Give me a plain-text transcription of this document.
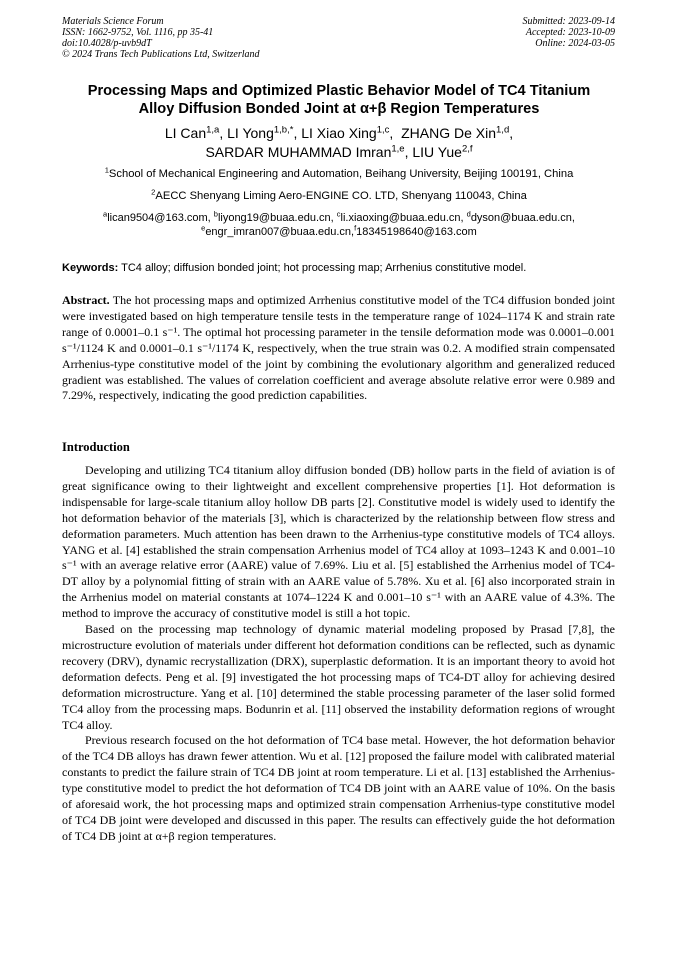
Materials Science Forum
ISSN: 1662-9752, Vol. 1116, pp 35-41
doi:10.4028/p-uvb9dT
© 2024 Trans Tech Publications Ltd, Switzerland
Submitted: 2023-09-14
Accepted: 2023-10-09
Online: 2024-03-05
Processing Maps and Optimized Plastic Behavior Model of TC4 Titanium
Alloy Diffusion Bonded Joint at α+β Region Temperatures
LI Can$^{1,a}$, LI Yong$^{1,b,*}$, LI Xiao Xing$^{1,c}$,  ZHANG De Xin$^{1,d}$,
SARDAR MUHAMMAD Imran$^{1,e}$, LIU Yue$^{2,f}$
$^1$School of Mechanical Engineering and Automation, Beihang University, Beijing 100191, China
$^2$AECC Shenyang Liming Aero-ENGINE CO. LTD, Shenyang 110043, China
$^a$lican9504@163.com, $^b$liyong19@buaa.edu.cn, $^c$li.xiaoxing@buaa.edu.cn, $^d$dyson@buaa.edu.cn,
$^e$engr_imran007@buaa.edu.cn,$^f$18345198640@163.com
Keywords: TC4 alloy; diffusion bonded joint; hot processing map; Arrhenius constitutive model.
Abstract. The hot processing maps and optimized Arrhenius constitutive model of the TC4 diffusion bonded joint were investigated based on high temperature tensile tests in the temperature range of 1024–1174 K and strain rate range of 0.0001–0.1 s⁻¹. The optimal hot processing parameter in the tensile deformation mode was 0.0001–0.001 s⁻¹/1124 K and 0.0001–0.1 s⁻¹/1174 K, respectively, when the true strain was 0.2. A modified strain compensated Arrhenius-type constitutive model of the joint by combining the evolutionary algorithm and generalized reduced gradient was established. The values of correlation coefficient and average absolute relative error were 0.989 and 7.29%, respectively, indicating the good prediction capabilities.
Introduction

Developing and utilizing TC4 titanium alloy diffusion bonded (DB) hollow parts in the field of aviation is of great significance owing to their lightweight and excellent comprehensive properties [1]. Hot deformation is indispensable for large-scale titanium alloy hollow DB parts [2]. Constitutive model is widely used to identify the hot deformation behavior of the materials [3], which is characterized by the relationship between flow stress and deformation parameters. Much attention has been drawn to the Arrhenius-type constitutive models of TC4 alloys. YANG et al. [4] established the strain compensation Arrhenius model of TC4 alloy at 1093–1243 K and 0.001–10 s⁻¹ with an average relative error (AARE) value of 7.69%. Liu et al. [5] established the Arrhenius model of TC4-DT alloy by a polynomial fitting of strain with an AARE value of 5.78%. Xu et al. [6] also incorporated strain in the Arrhenius model on material constants at 1074–1224 K and 0.001–10 s⁻¹ with an AARE value of 4.3%. The method to improve the accuracy of constitutive model is still a hot topic.

Based on the processing map technology of dynamic material modeling proposed by Prasad [7,8], the microstructure evolution of materials under different hot deformation conditions can be reflected, such as dynamic recovery (DRV), dynamic recrystallization (DRX), superplastic deformation. It is an important theory to avoid hot deformation defects. Peng et al. [9] investigated the hot processing maps of TC4-DT alloy for achieving desired deformation microstructure. Yang et al. [10] determined the stable processing parameter of the laser solid formed TC4 alloy from the processing maps. Bodunrin et al. [11] observed the instability deformation regions of wrought TC4 alloy.

Previous research focused on the hot deformation of TC4 base metal. However, the hot deformation behavior of the TC4 DB alloys has drawn fewer attention. Wu et al. [12] proposed the failure model with calibrated material constants to predict the failure strain of TC4 DB joint at room temperature. Li et al. [13] established the Arrhenius-type constitutive model to predict the hot deformation of TC4 DB joint with an AARE value of 10%. On the basis of aforesaid work, the hot processing maps and optimized strain compensation Arrhenius-type constitutive model of TC4 DB joint were developed and discussed in this paper. The results can effectively guide the hot deformation of TC4 DB joint at α+β region temperatures.
